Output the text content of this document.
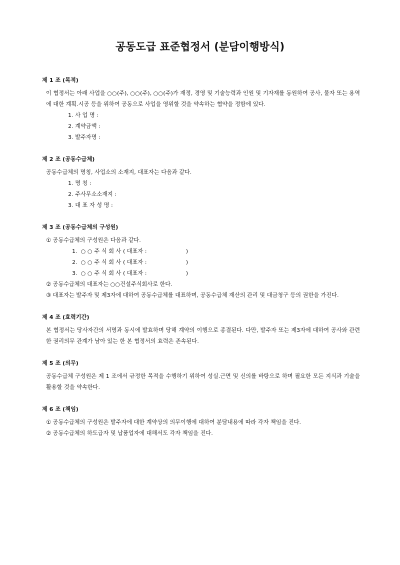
공동도급 표준협정서 (분담이행방식)
제 1 조 (목적)
이 협정서는 아래 사업을 ○○(주), ○○(주), ○○(주)가 재정, 경영 및 기술능력과 인원 및 기자재를 동원하여 공사, 물자 또는 용역에 대한 계획.시공 등을 위하여 공동으로 사업을 영위할 것을 약속하는 협약을 정함에 있다.
1. 사 업 명 :
2. 계약금액 :
3. 발주자명 :
제 2 조 (공동수급체)
공동수급체의 명칭, 사업소의 소재지, 대표자는 다음과 같다.
1. 명 칭 :
2. 주사무소소재지 :
3. 대 표 자 성 명 :
제 3 조 (공동수급체의 구성원)
① 공동수급체의 구성원은 다음과 같다.
1.  ○ ○ 주 식 회 사 ( 대표자 :                      )
2.  ○ ○ 주 식 회 사 ( 대표자 :                      )
3.  ○ ○ 주 식 회 사 ( 대표자 :                      )
② 공동수급체의 대표자는 ○○건설주식회사로 한다.
③ 대표자는 발주자 및 제3자에 대하여 공동수급체를 대표하며, 공동수급체 재산의 관리 및 대금청구 등의 권한을 가진다.
제 4 조 (효력기간)
본 협정서는 당사자간의 서명과 동시에 발효하며 당해 계약의 이행으로 종결된다. 다만, 발주자 또는 제3자에 대하여 공사와 관련한 권리의무 관계가 남아 있는 한 본 협정서의 효력은 존속된다.
제 5 조 (의무)
공동수급체 구성원은 제 1 조에서 규정한 목적을 수행하기 위하여 성실.근면 및 신의를 바탕으로 하며 필요한 모든 지식과 기술을 활용할 것을 약속한다.
제 6 조 (책임)
① 공동수급체의 구성원은 발주자에 대한 계약상의 의무이행에 대하여 분담내용에 따라 각자 책임을 진다.
② 공동수급체의 하도급자 및 납품업자에 대해서도 각자 책임을 진다.
